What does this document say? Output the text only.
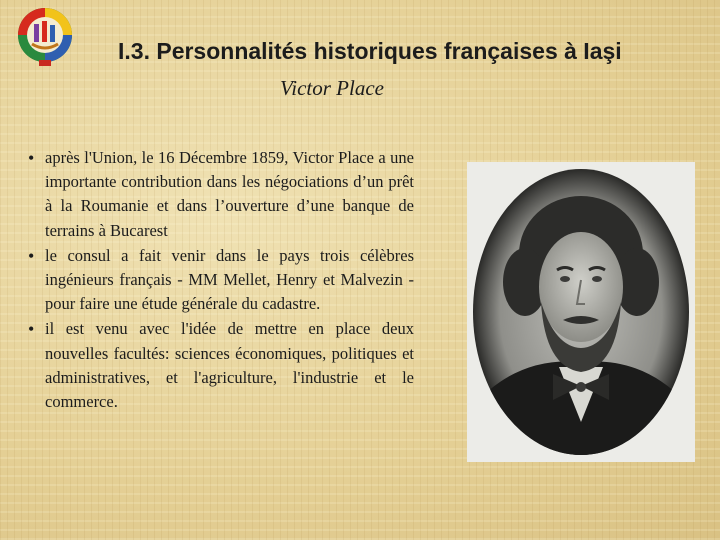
I.3. Personnalités historiques françaises à Iaşi
Victor Place
• après l'Union, le 16 Décembre 1859, Victor Place a une importante contribution dans les négociations d’un prêt à la Roumanie et dans l’ouverture d’une banque de terrains à Bucarest
• le consul a fait venir dans le pays trois célèbres ingénieurs français - MM Mellet, Henry et Malvezin - pour faire une étude générale du cadastre.
• il est venu avec l'idée de mettre en place deux nouvelles facultés: sciences économiques, politiques et administratives, et l'agriculture, l'industrie et le commerce.
